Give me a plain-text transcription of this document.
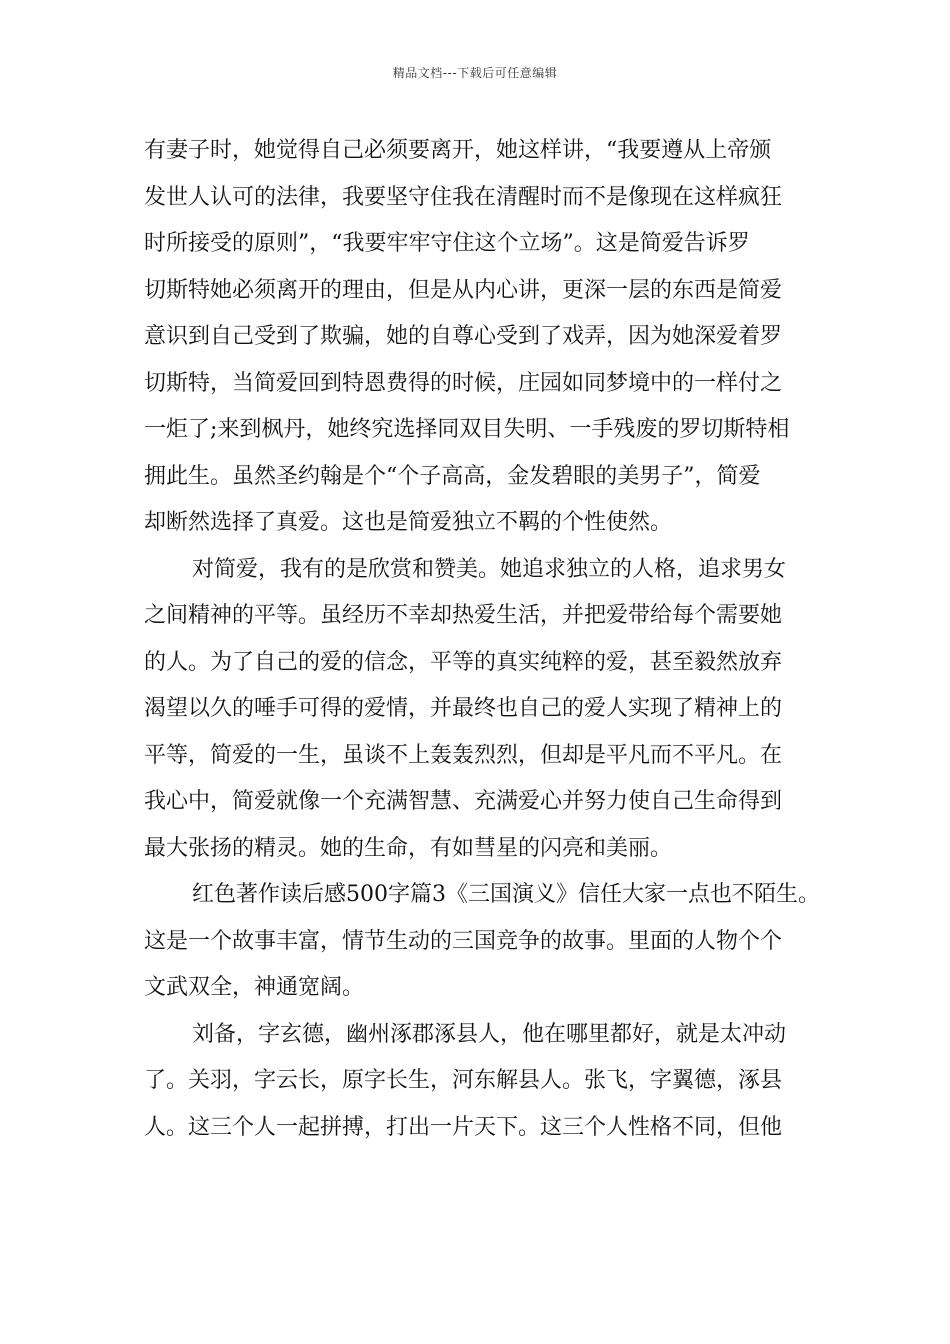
精品文档---下载后可任意编辑
有妻子时，她觉得自己必须要离开，她这样讲，“我要遵从上帝颁
发世人认可的法律，我要坚守住我在清醒时而不是像现在这样疯狂
时所接受的原则”，“我要牢牢守住这个立场”。这是简爱告诉罗
切斯特她必须离开的理由，但是从内心讲，更深一层的东西是简爱
意识到自己受到了欺骗，她的自尊心受到了戏弄，因为她深爱着罗
切斯特，当简爱回到特恩费得的时候，庄园如同梦境中的一样付之
一炬了;来到枫丹，她终究选择同双目失明、一手残废的罗切斯特相
拥此生。虽然圣约翰是个“个子高高，金发碧眼的美男子”，简爱
却断然选择了真爱。这也是简爱独立不羁的个性使然。
对简爱，我有的是欣赏和赞美。她追求独立的人格，追求男女
之间精神的平等。虽经历不幸却热爱生活，并把爱带给每个需要她
的人。为了自己的爱的信念，平等的真实纯粹的爱，甚至毅然放弃
渴望以久的唾手可得的爱情，并最终也自己的爱人实现了精神上的
平等，简爱的一生，虽谈不上轰轰烈烈，但却是平凡而不平凡。在
我心中，简爱就像一个充满智慧、充满爱心并努力使自己生命得到
最大张扬的精灵。她的生命，有如彗星的闪亮和美丽。
红色著作读后感500字篇3《三国演义》信任大家一点也不陌生。
这是一个故事丰富，情节生动的三国竞争的故事。里面的人物个个
文武双全，神通宽阔。
刘备，字玄德，幽州涿郡涿县人，他在哪里都好，就是太冲动
了。关羽，字云长，原字长生，河东解县人。张飞，字翼德，涿县
人。这三个人一起拼搏，打出一片天下。这三个人性格不同，但他
